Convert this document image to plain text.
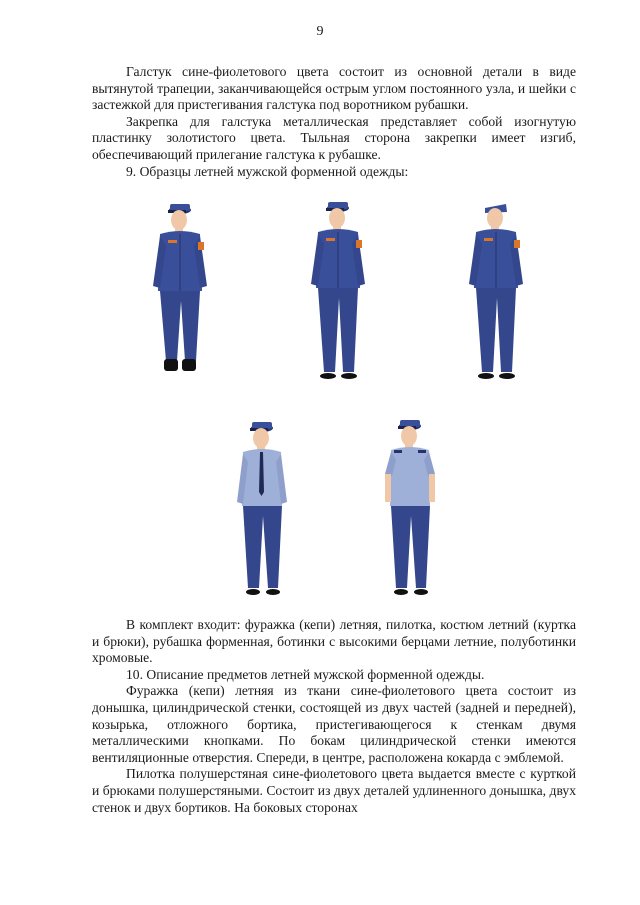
9

Галстук сине-фиолетового цвета состоит из основной детали в виде вытянутой трапеции, заканчивающейся острым углом постоянного узла, и шейки с застежкой для пристегивания галстука под воротником рубашки.

Закрепка для галстука металлическая представляет собой изогнутую пластинку золотистого цвета. Тыльная сторона закрепки имеет изгиб, обеспечивающий прилегание галстука к рубашке.

9. Образцы летней мужской форменной одежды:

В комплект входит: фуражка (кепи) летняя, пилотка, костюм летний (куртка и брюки), рубашка форменная, ботинки с высокими берцами летние, полуботинки хромовые.

10. Описание предметов летней мужской форменной одежды.

Фуражка (кепи) летняя из ткани сине-фиолетового цвета состоит из донышка, цилиндрической стенки, состоящей из двух частей (задней и передней), козырька, отложного бортика, пристегивающегося к стенкам двумя металлическими кнопками. По бокам цилиндрической стенки имеются вентиляционные отверстия. Спереди, в центре, расположена кокарда с эмблемой.

Пилотка полушерстяная сине-фиолетового цвета выдается вместе с курткой и брюками полушерстяными. Состоит из двух деталей удлиненного донышка, двух стенок и двух бортиков. На боковых сторонах
